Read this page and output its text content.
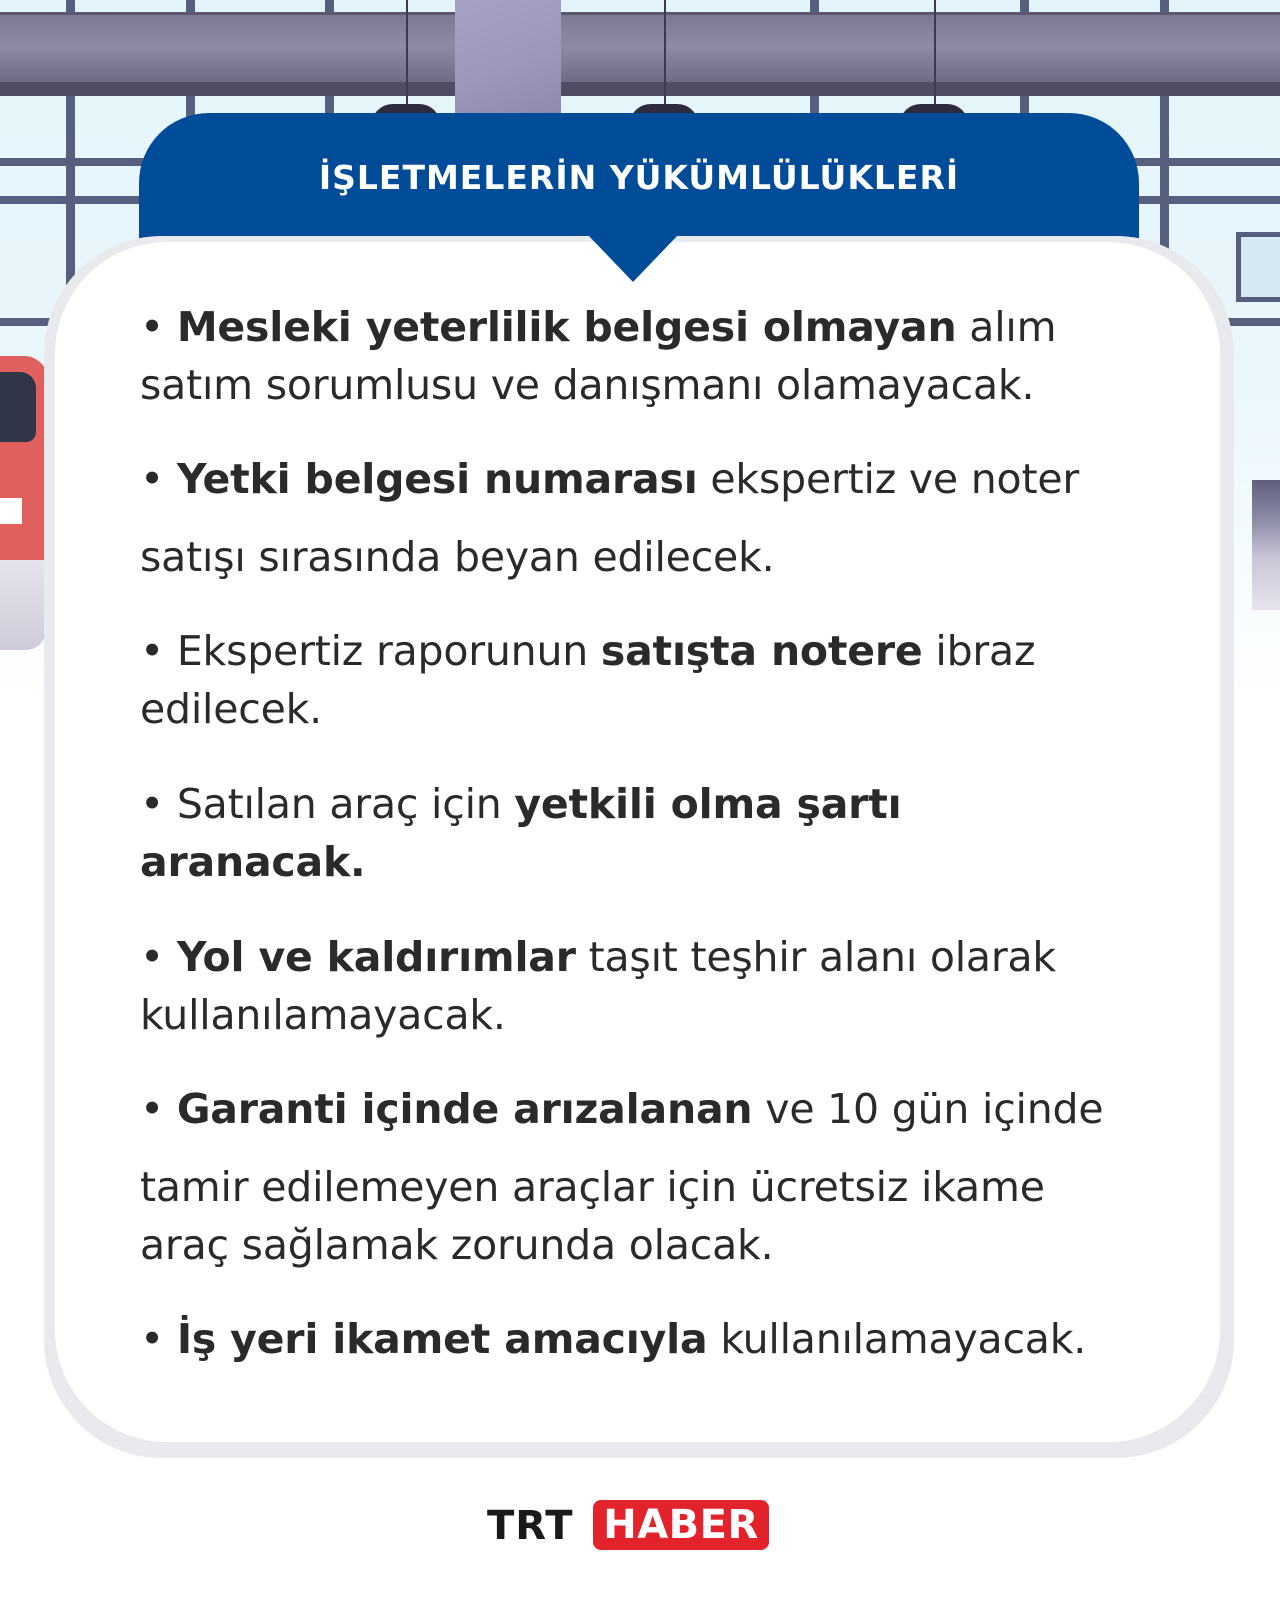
İŞLETMELERİN YÜKÜMLÜLÜKLERİ
• Mesleki yeterlilik belgesi olmayan alım
satım sorumlusu ve danışmanı olamayacak.
• Yetki belgesi numarası ekspertiz ve noter
satışı sırasında beyan edilecek.
• Ekspertiz raporunun satışta notere ibraz
edilecek.
• Satılan araç için yetkili olma şartı
aranacak.
• Yol ve kaldırımlar taşıt teşhir alanı olarak
kullanılamayacak.
• Garanti içinde arızalanan ve 10 gün içinde
tamir edilemeyen araçlar için ücretsiz ikame
araç sağlamak zorunda olacak.
• İş yeri ikamet amacıyla kullanılamayacak.
TRT HABER
